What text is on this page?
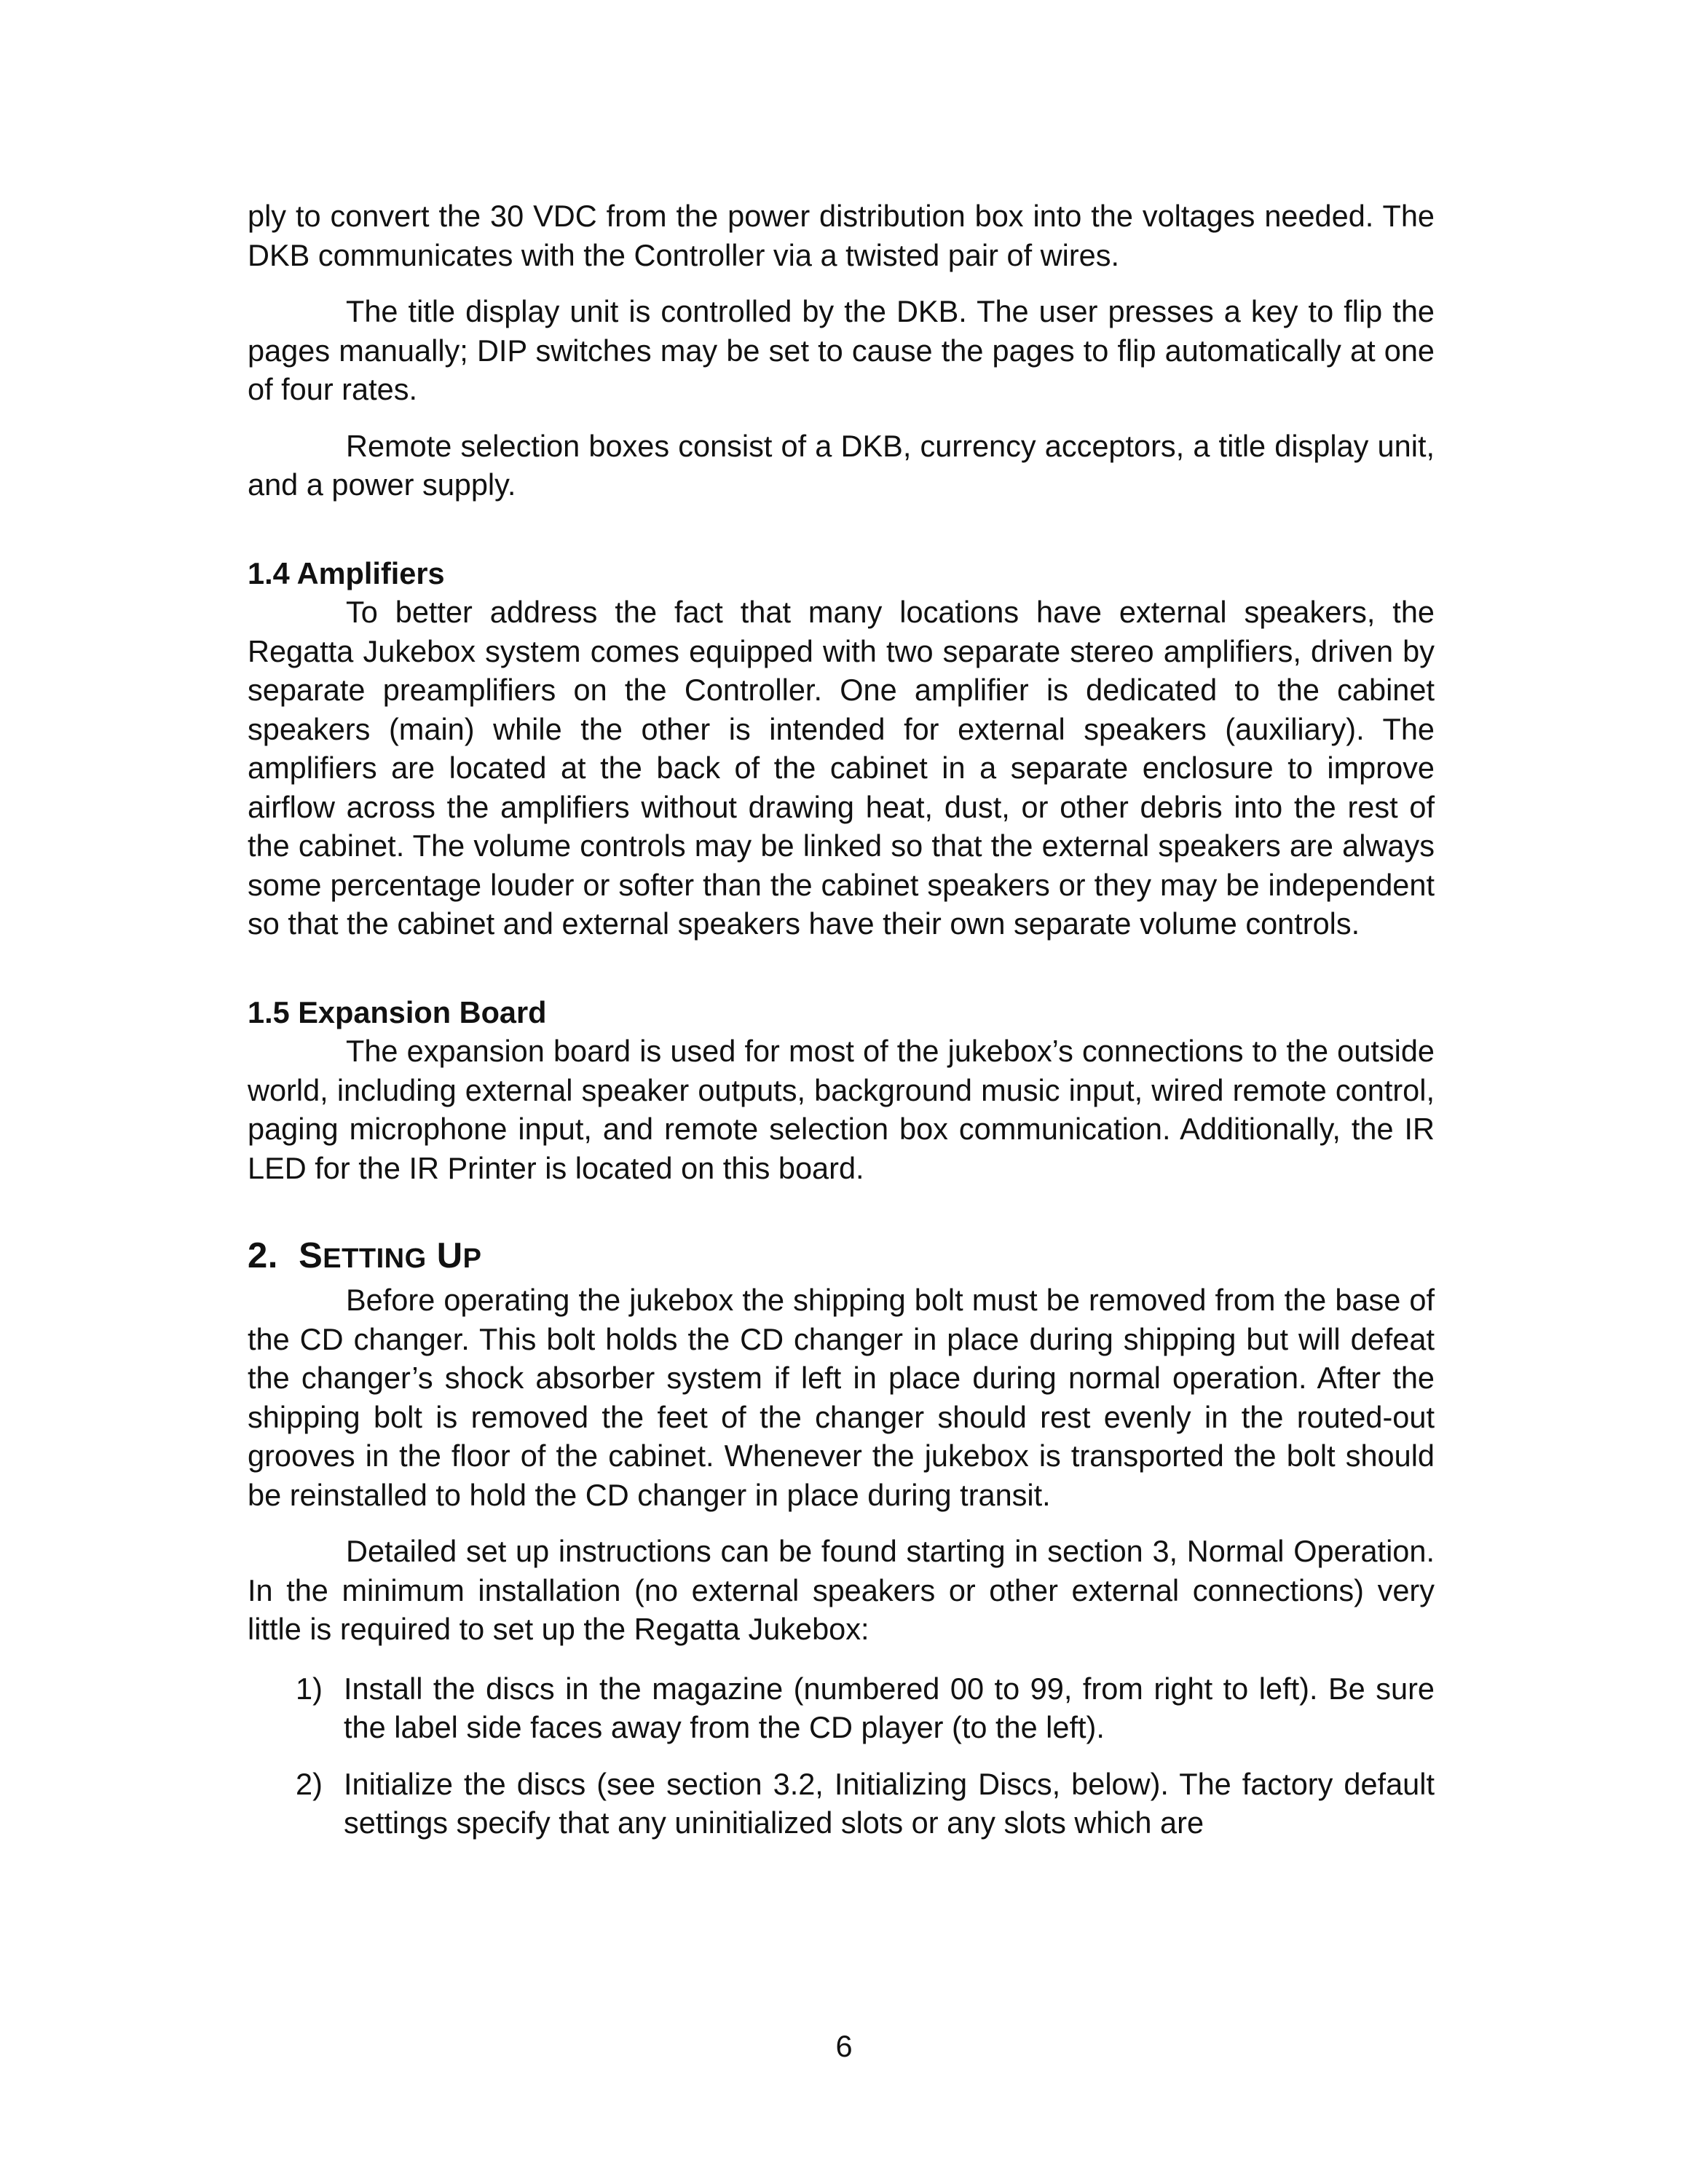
ply to convert the 30 VDC from the power distribution box into the voltages needed. The DKB communicates with the Controller via a twisted pair of wires.

The title display unit is controlled by the DKB. The user presses a key to flip the pages manually; DIP switches may be set to cause the pages to flip automatically at one of four rates.

Remote selection boxes consist of a DKB, currency acceptors, a title display unit, and a power supply.

1.4 Amplifiers

To better address the fact that many locations have external speakers, the Regatta Jukebox system comes equipped with two separate stereo amplifiers, driven by separate preamplifiers on the Controller. One amplifier is dedicated to the cabinet speakers (main) while the other is intended for external speakers (auxiliary). The amplifiers are located at the back of the cabinet in a separate enclosure to improve airflow across the amplifiers without drawing heat, dust, or other debris into the rest of the cabinet. The volume controls may be linked so that the external speakers are always some percentage louder or softer than the cabinet speakers or they may be independent so that the cabinet and external speakers have their own separate volume controls.

1.5 Expansion Board

The expansion board is used for most of the jukebox’s connections to the outside world, including external speaker outputs, background music input, wired remote control, paging microphone input, and remote selection box communication. Additionally, the IR LED for the IR Printer is located on this board.

2. SETTING UP

Before operating the jukebox the shipping bolt must be removed from the base of the CD changer. This bolt holds the CD changer in place during shipping but will defeat the changer’s shock absorber system if left in place during normal operation. After the shipping bolt is removed the feet of the changer should rest evenly in the routed-out grooves in the floor of the cabinet. Whenever the jukebox is transported the bolt should be reinstalled to hold the CD changer in place during transit.

Detailed set up instructions can be found starting in section 3, Normal Operation. In the minimum installation (no external speakers or other external connections) very little is required to set up the Regatta Jukebox:

1) Install the discs in the magazine (numbered 00 to 99, from right to left). Be sure the label side faces away from the CD player (to the left).
2) Initialize the discs (see section 3.2, Initializing Discs, below). The factory default settings specify that any uninitialized slots or any slots which are
6
